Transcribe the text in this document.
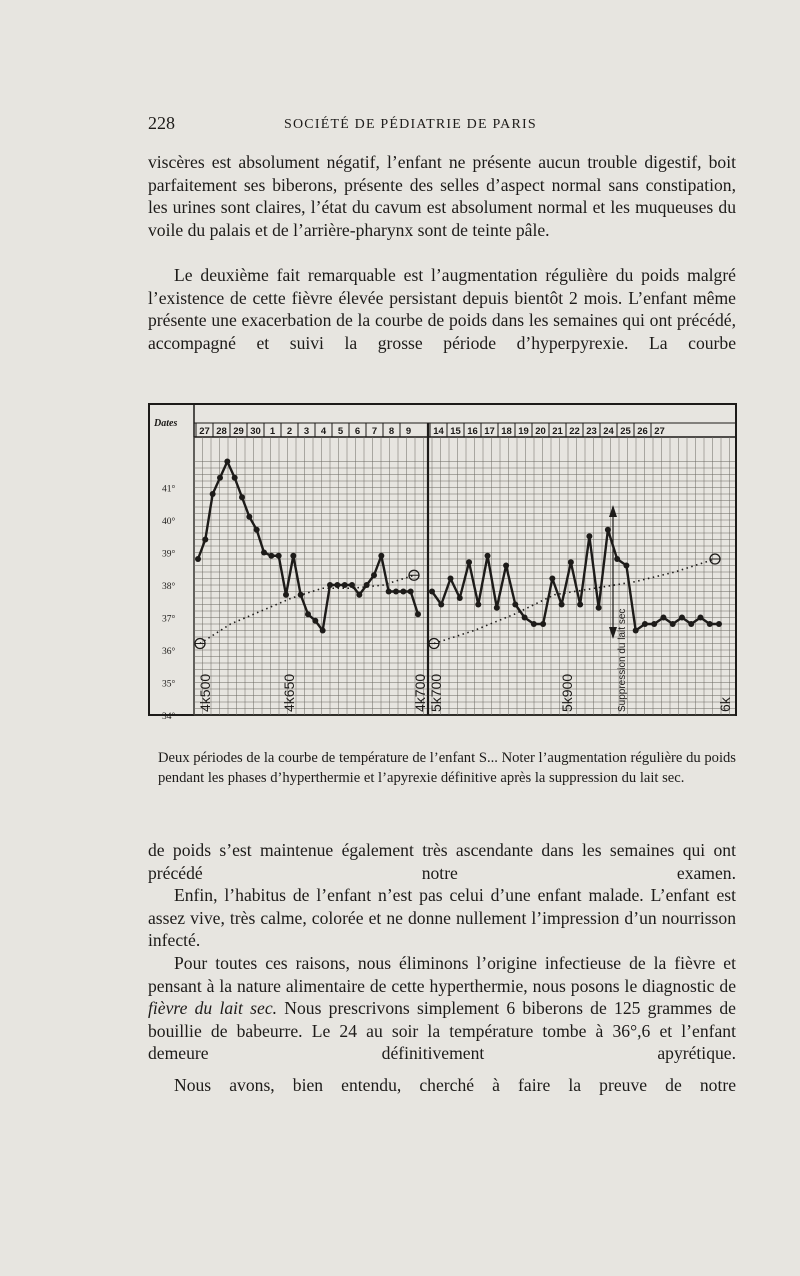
228	SOCIÉTÉ DE PÉDIATRIE DE PARIS

viscères est absolument négatif, l’enfant ne présente aucun trouble digestif, boit parfaitement ses biberons, présente des selles d’aspect normal sans constipation, les urines sont claires, l’état du cavum est absolument normal et les muqueuses du voile du palais et de l’arrière-pharynx sont de teinte pâle.

Le deuxième fait remarquable est l’augmentation régulière du poids malgré l’existence de cette fièvre élevée persistant depuis bientôt 2 mois. L’enfant même présente une exacerbation de la courbe de poids dans les semaines qui ont précédé, accompagné et suivi la grosse période d’hyperpyrexie. La courbe

Dates
41°
40°
39°
38°
37°
36°
35°
34°
27 28 29 30 1 2 3 4 5 6 7 8 9 14 15 16 17 18 19 20 21 22 23 24 25 26 27
4k500	4k650	4k700 5k700	5k900	6k
Suppression du lait sec

Deux périodes de la courbe de température de l’enfant S... Noter l’augmentation régulière du poids pendant les phases d’hyperthermie et l’apyrexie définitive après la suppression du lait sec.

de poids s’est maintenue également très ascendante dans les semaines qui ont précédé notre examen.

Enfin, l’habitus de l’enfant n’est pas celui d’une enfant malade. L’enfant est assez vive, très calme, colorée et ne donne nullement l’impression d’un nourrisson infecté.

Pour toutes ces raisons, nous éliminons l’origine infectieuse de la fièvre et pensant à la nature alimentaire de cette hyperthermie, nous posons le diagnostic de fièvre du lait sec. Nous prescrivons simplement 6 biberons de 125 grammes de bouillie de babeurre. Le 24 au soir la température tombe à 36°,6 et l’enfant demeure définitivement apyrétique.

Nous avons, bien entendu, cherché à faire la preuve de notre
